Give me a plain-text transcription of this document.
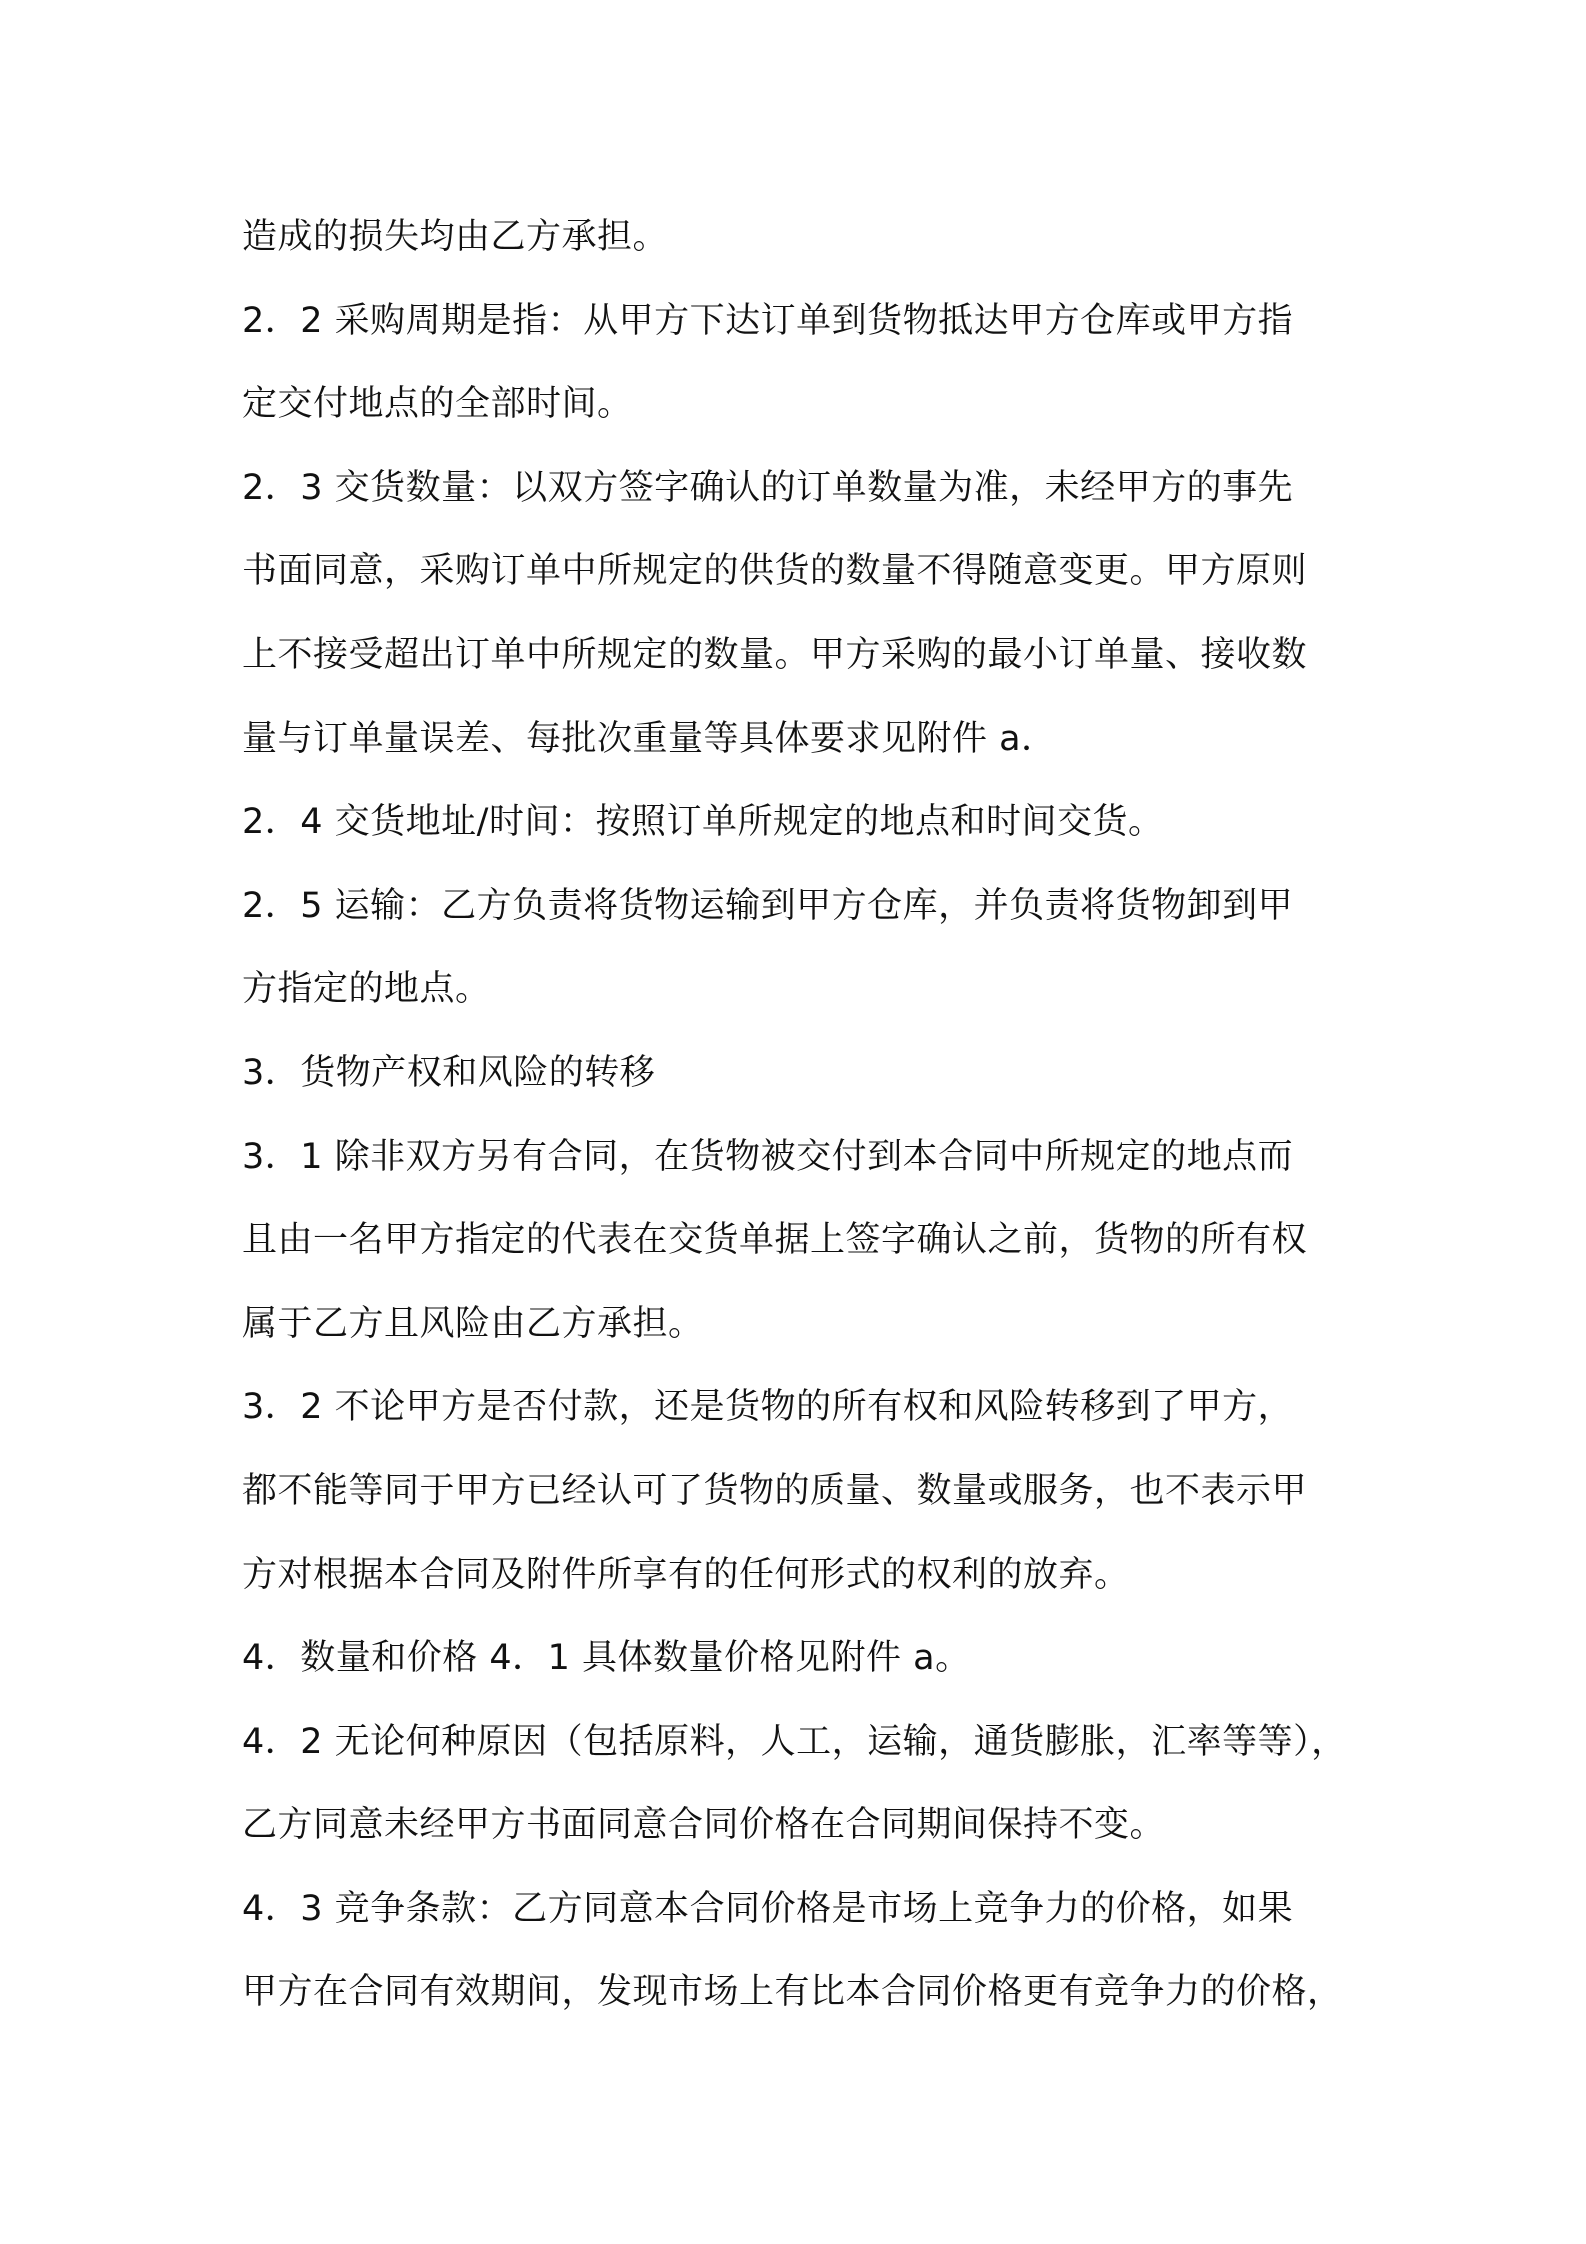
造成的损失均由乙方承担。
2．2 采购周期是指：从甲方下达订单到货物抵达甲方仓库或甲方指
定交付地点的全部时间。
2．3 交货数量：以双方签字确认的订单数量为准，未经甲方的事先
书面同意，采购订单中所规定的供货的数量不得随意变更。甲方原则
上不接受超出订单中所规定的数量。甲方采购的最小订单量、接收数
量与订单量误差、每批次重量等具体要求见附件 a．
2．4 交货地址/时间：按照订单所规定的地点和时间交货。
2．5 运输：乙方负责将货物运输到甲方仓库，并负责将货物卸到甲
方指定的地点。
3．货物产权和风险的转移
3．1 除非双方另有合同，在货物被交付到本合同中所规定的地点而
且由一名甲方指定的代表在交货单据上签字确认之前，货物的所有权
属于乙方且风险由乙方承担。
3．2 不论甲方是否付款，还是货物的所有权和风险转移到了甲方，
都不能等同于甲方已经认可了货物的质量、数量或服务，也不表示甲
方对根据本合同及附件所享有的任何形式的权利的放弃。
4．数量和价格 4．1 具体数量价格见附件 a。
4．2 无论何种原因（包括原料，人工，运输，通货膨胀，汇率等等），
乙方同意未经甲方书面同意合同价格在合同期间保持不变。
4．3 竞争条款：乙方同意本合同价格是市场上竞争力的价格，如果
甲方在合同有效期间，发现市场上有比本合同价格更有竞争力的价格，
